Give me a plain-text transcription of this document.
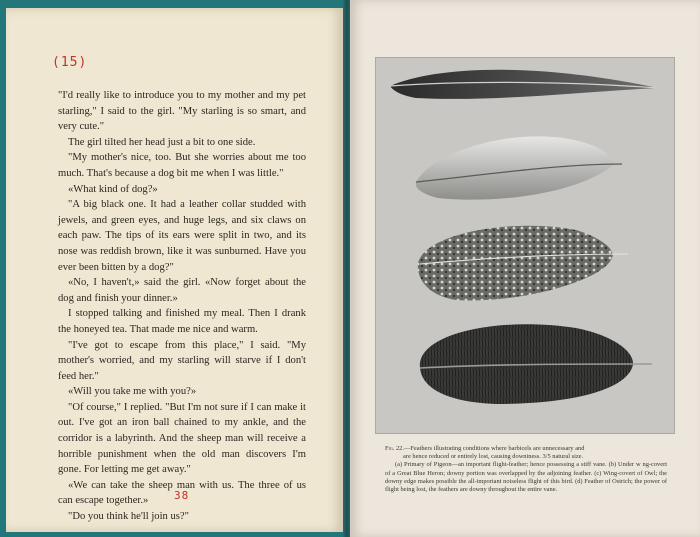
(15)

"I'd really like to introduce you to my mother and my pet starling," I said to the girl. "My starling is so smart, and very cute."

The girl tilted her head just a bit to one side.

"My mother's nice, too. But she worries about me too much. That's because a dog bit me when I was little."

«What kind of dog?»

"A big black one. It had a leather collar studded with jewels, and green eyes, and huge legs, and six claws on each paw. The tips of its ears were split in two, and its nose was reddish brown, like it was sunburned. Have you ever been bitten by a dog?"

«No, I haven't,» said the girl. «Now forget about the dog and finish your dinner.»

I stopped talking and finished my meal. Then I drank the honeyed tea. That made me nice and warm.

"I've got to escape from this place," I said. "My mother's worried, and my starling will starve if I don't feed her."

«Will you take me with you?»

"Of course," I replied. "But I'm not sure if I can make it out. I've got an iron ball chained to my ankle, and the corridor is a labyrinth. And the sheep man will receive a horrible punishment when the old man discovers I'm gone. For letting me get away."

«We can take the sheep man with us. The three of us can escape together.»

"Do you think he'll join us?"

38
Fig. 22.—Feathers illustrating conditions where barbicels are unnecessary and
are hence reduced or entirely lost, causing downiness. 3/5 natural size.
(a) Primary of Pigeon—an important flight-feather; hence possessing a stiff vane. (b) Under w ng-covert of a Great Blue Heron; downy portion was overlapped by the adjoining feather. (c) Wing-covert of Owl; the downy edge makes possible the all-important noiseless flight of this bird. (d) Feather of Ostrich; the power of flight being lost, the feathers are downy throughout the entire vane.
